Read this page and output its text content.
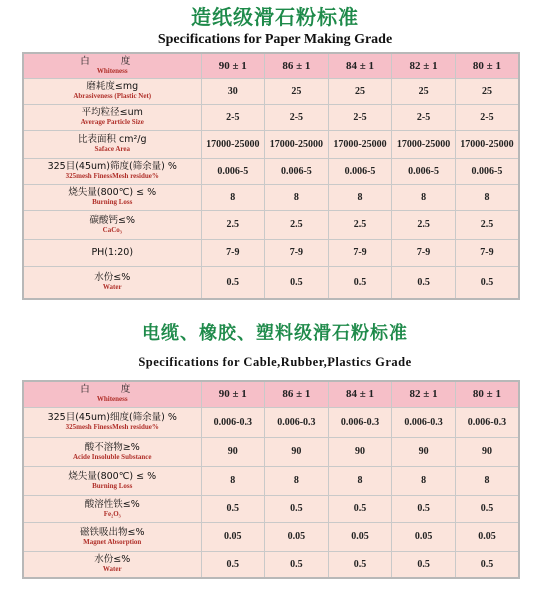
造纸级滑石粉标准
Specifications for Paper Making Grade
白 度
Whiteness	90 ± 1	86 ± 1	84 ± 1	82 ± 1	80 ± 1

磨耗度≤mg
Abrasiveness (Plastic Net)	30	25	25	25	25

平均粒径≤um
Average Particle Size	2-5	2-5	2-5	2-5	2-5

比表面积 cm²/g
Saface Area	17000-25000	17000-25000	17000-25000	17000-25000	17000-25000

325目(45um)筛度(筛余量) %
325mesh FinessMesh residue%	0.006-5	0.006-5	0.006-5	0.006-5	0.006-5

烧失量(800℃) ≤ %
Burning Loss	8	8	8	8	8

碳酸钙≤%
CaCo₃	2.5	2.5	2.5	2.5	2.5

PH(1:20)	7-9	7-9	7-9	7-9	7-9

水份≤%
Water	0.5	0.5	0.5	0.5	0.5
电缆、橡胶、塑料级滑石粉标准
Specifications for Cable,Rubber,Plastics Grade
白 度
Whiteness	90 ± 1	86 ± 1	84 ± 1	82 ± 1	80 ± 1

325目(45um)细度(筛余量) %
325mesh FinessMesh residue%	0.006-0.3	0.006-0.3	0.006-0.3	0.006-0.3	0.006-0.3

酸不溶物≥%
Acide Insoluble Substance	90	90	90	90	90

烧失量(800℃) ≤ %
Burning Loss	8	8	8	8	8

酸溶性铁≤%
Fe₂O₃	0.5	0.5	0.5	0.5	0.5

磁铁吸出物≤%
Magnet Absorption	0.05	0.05	0.05	0.05	0.05

水份≤%
Water	0.5	0.5	0.5	0.5	0.5
